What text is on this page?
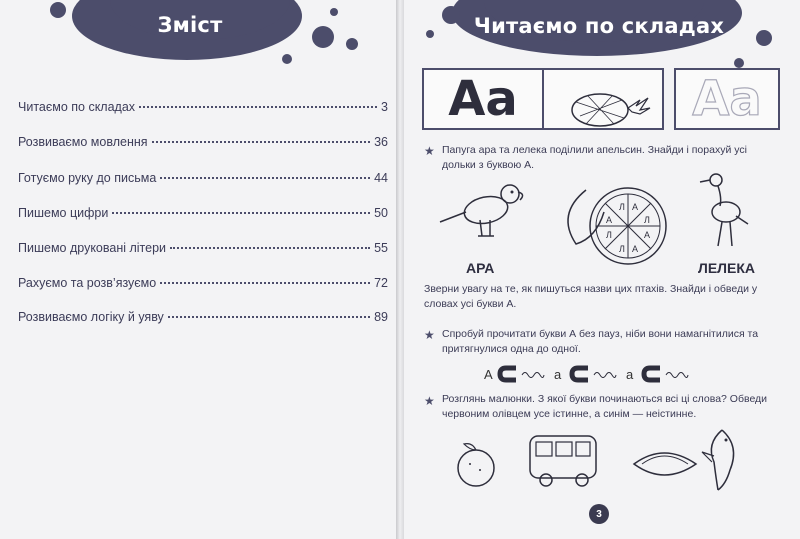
Зміст
Читаємо по складах	3
Розвиваємо мовлення	36
Готуємо руку до письма	44
Пишемо цифри	50
Пишемо друковані літери	55
Рахуємо та розв’язуємо	72
Розвиваємо логіку й уяву	89
Читаємо по складах
Aa	Aa
★ Папуга ара та лелека поділили апельсин. Знайди і порахуй усі дольки з буквою А.
АРА
Л А
А	Л
Л	А
Л А
ЛЕЛЕКА
Зверни увагу на те, як пишуться назви цих птахів. Знайди і обведи у словах усі букви А.
★ Спробуй прочитати букви А без пауз, ніби вони намагнітилися та притягнулися одна до одної.
А	а	а
★ Розглянь малюнки. З якої букви починаються всі ці слова? Обведи червоним олівцем усе істинне, а синім — неістинне.
3
